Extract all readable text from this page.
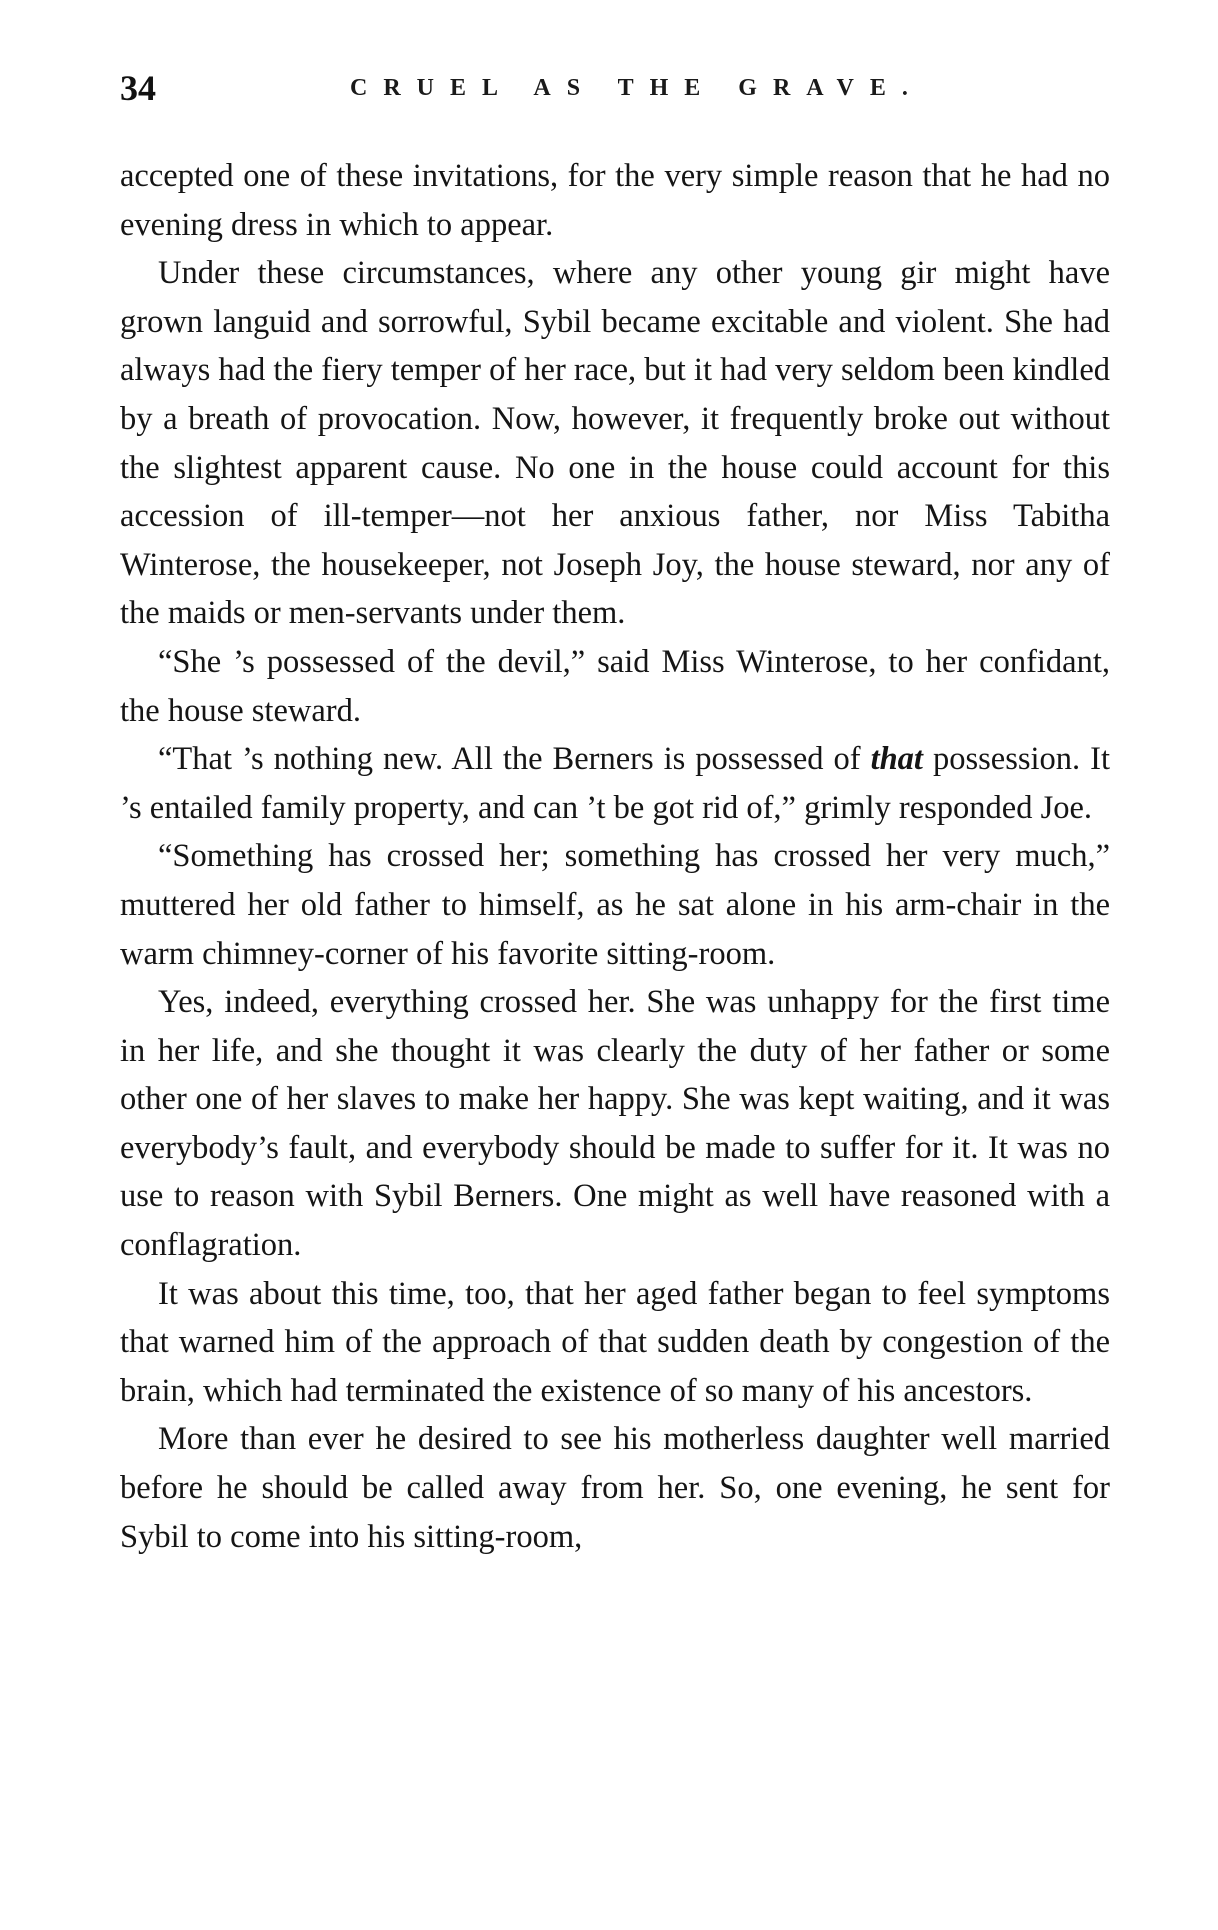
34	CRUEL AS THE GRAVE.

accepted one of these invitations, for the very simple reason that he had no evening dress in which to appear.

Under these circumstances, where any other young gir might have grown languid and sorrowful, Sybil became excitable and violent. She had always had the fiery temper of her race, but it had very seldom been kindled by a breath of provocation. Now, however, it frequently broke out without the slightest apparent cause. No one in the house could account for this accession of ill-temper—not her anxious father, nor Miss Tabitha Winterose, the housekeeper, not Joseph Joy, the house steward, nor any of the maids or men-servants under them.

“She ’s possessed of the devil,” said Miss Winterose, to her confidant, the house steward.

“That ’s nothing new. All the Berners is possessed of that possession. It ’s entailed family property, and can ’t be got rid of,” grimly responded Joe.

“Something has crossed her; something has crossed her very much,” muttered her old father to himself, as he sat alone in his arm-chair in the warm chimney-corner of his favorite sitting-room.

Yes, indeed, everything crossed her. She was unhappy for the first time in her life, and she thought it was clearly the duty of her father or some other one of her slaves to make her happy. She was kept waiting, and it was everybody’s fault, and everybody should be made to suffer for it. It was no use to reason with Sybil Berners. One might as well have reasoned with a conflagration.

It was about this time, too, that her aged father began to feel symptoms that warned him of the approach of that sudden death by congestion of the brain, which had terminated the existence of so many of his ancestors.

More than ever he desired to see his motherless daughter well married before he should be called away from her. So, one evening, he sent for Sybil to come into his sitting-room,
